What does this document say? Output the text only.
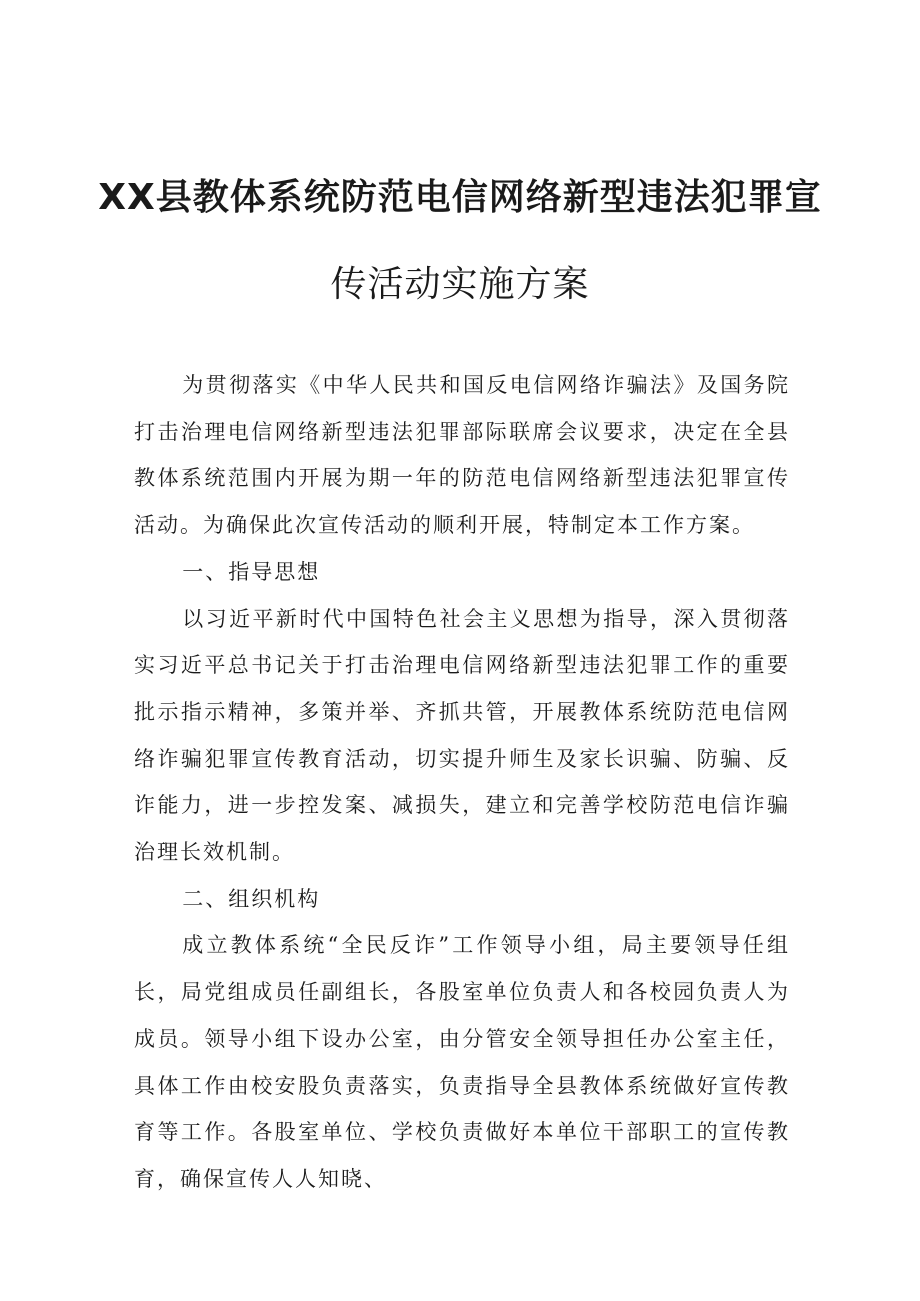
XX县教体系统防范电信网络新型违法犯罪宣
传活动实施方案

为贯彻落实《中华人民共和国反电信网络诈骗法》及国务院打击治理电信网络新型违法犯罪部际联席会议要求，决定在全县教体系统范围内开展为期一年的防范电信网络新型违法犯罪宣传活动。为确保此次宣传活动的顺利开展，特制定本工作方案。

一、指导思想

以习近平新时代中国特色社会主义思想为指导，深入贯彻落实习近平总书记关于打击治理电信网络新型违法犯罪工作的重要批示指示精神，多策并举、齐抓共管，开展教体系统防范电信网络诈骗犯罪宣传教育活动，切实提升师生及家长识骗、防骗、反诈能力，进一步控发案、减损失，建立和完善学校防范电信诈骗治理长效机制。

二、组织机构

成立教体系统“全民反诈”工作领导小组，局主要领导任组长，局党组成员任副组长，各股室单位负责人和各校园负责人为成员。领导小组下设办公室，由分管安全领导担任办公室主任，具体工作由校安股负责落实，负责指导全县教体系统做好宣传教育等工作。各股室单位、学校负责做好本单位干部职工的宣传教育，确保宣传人人知晓、
